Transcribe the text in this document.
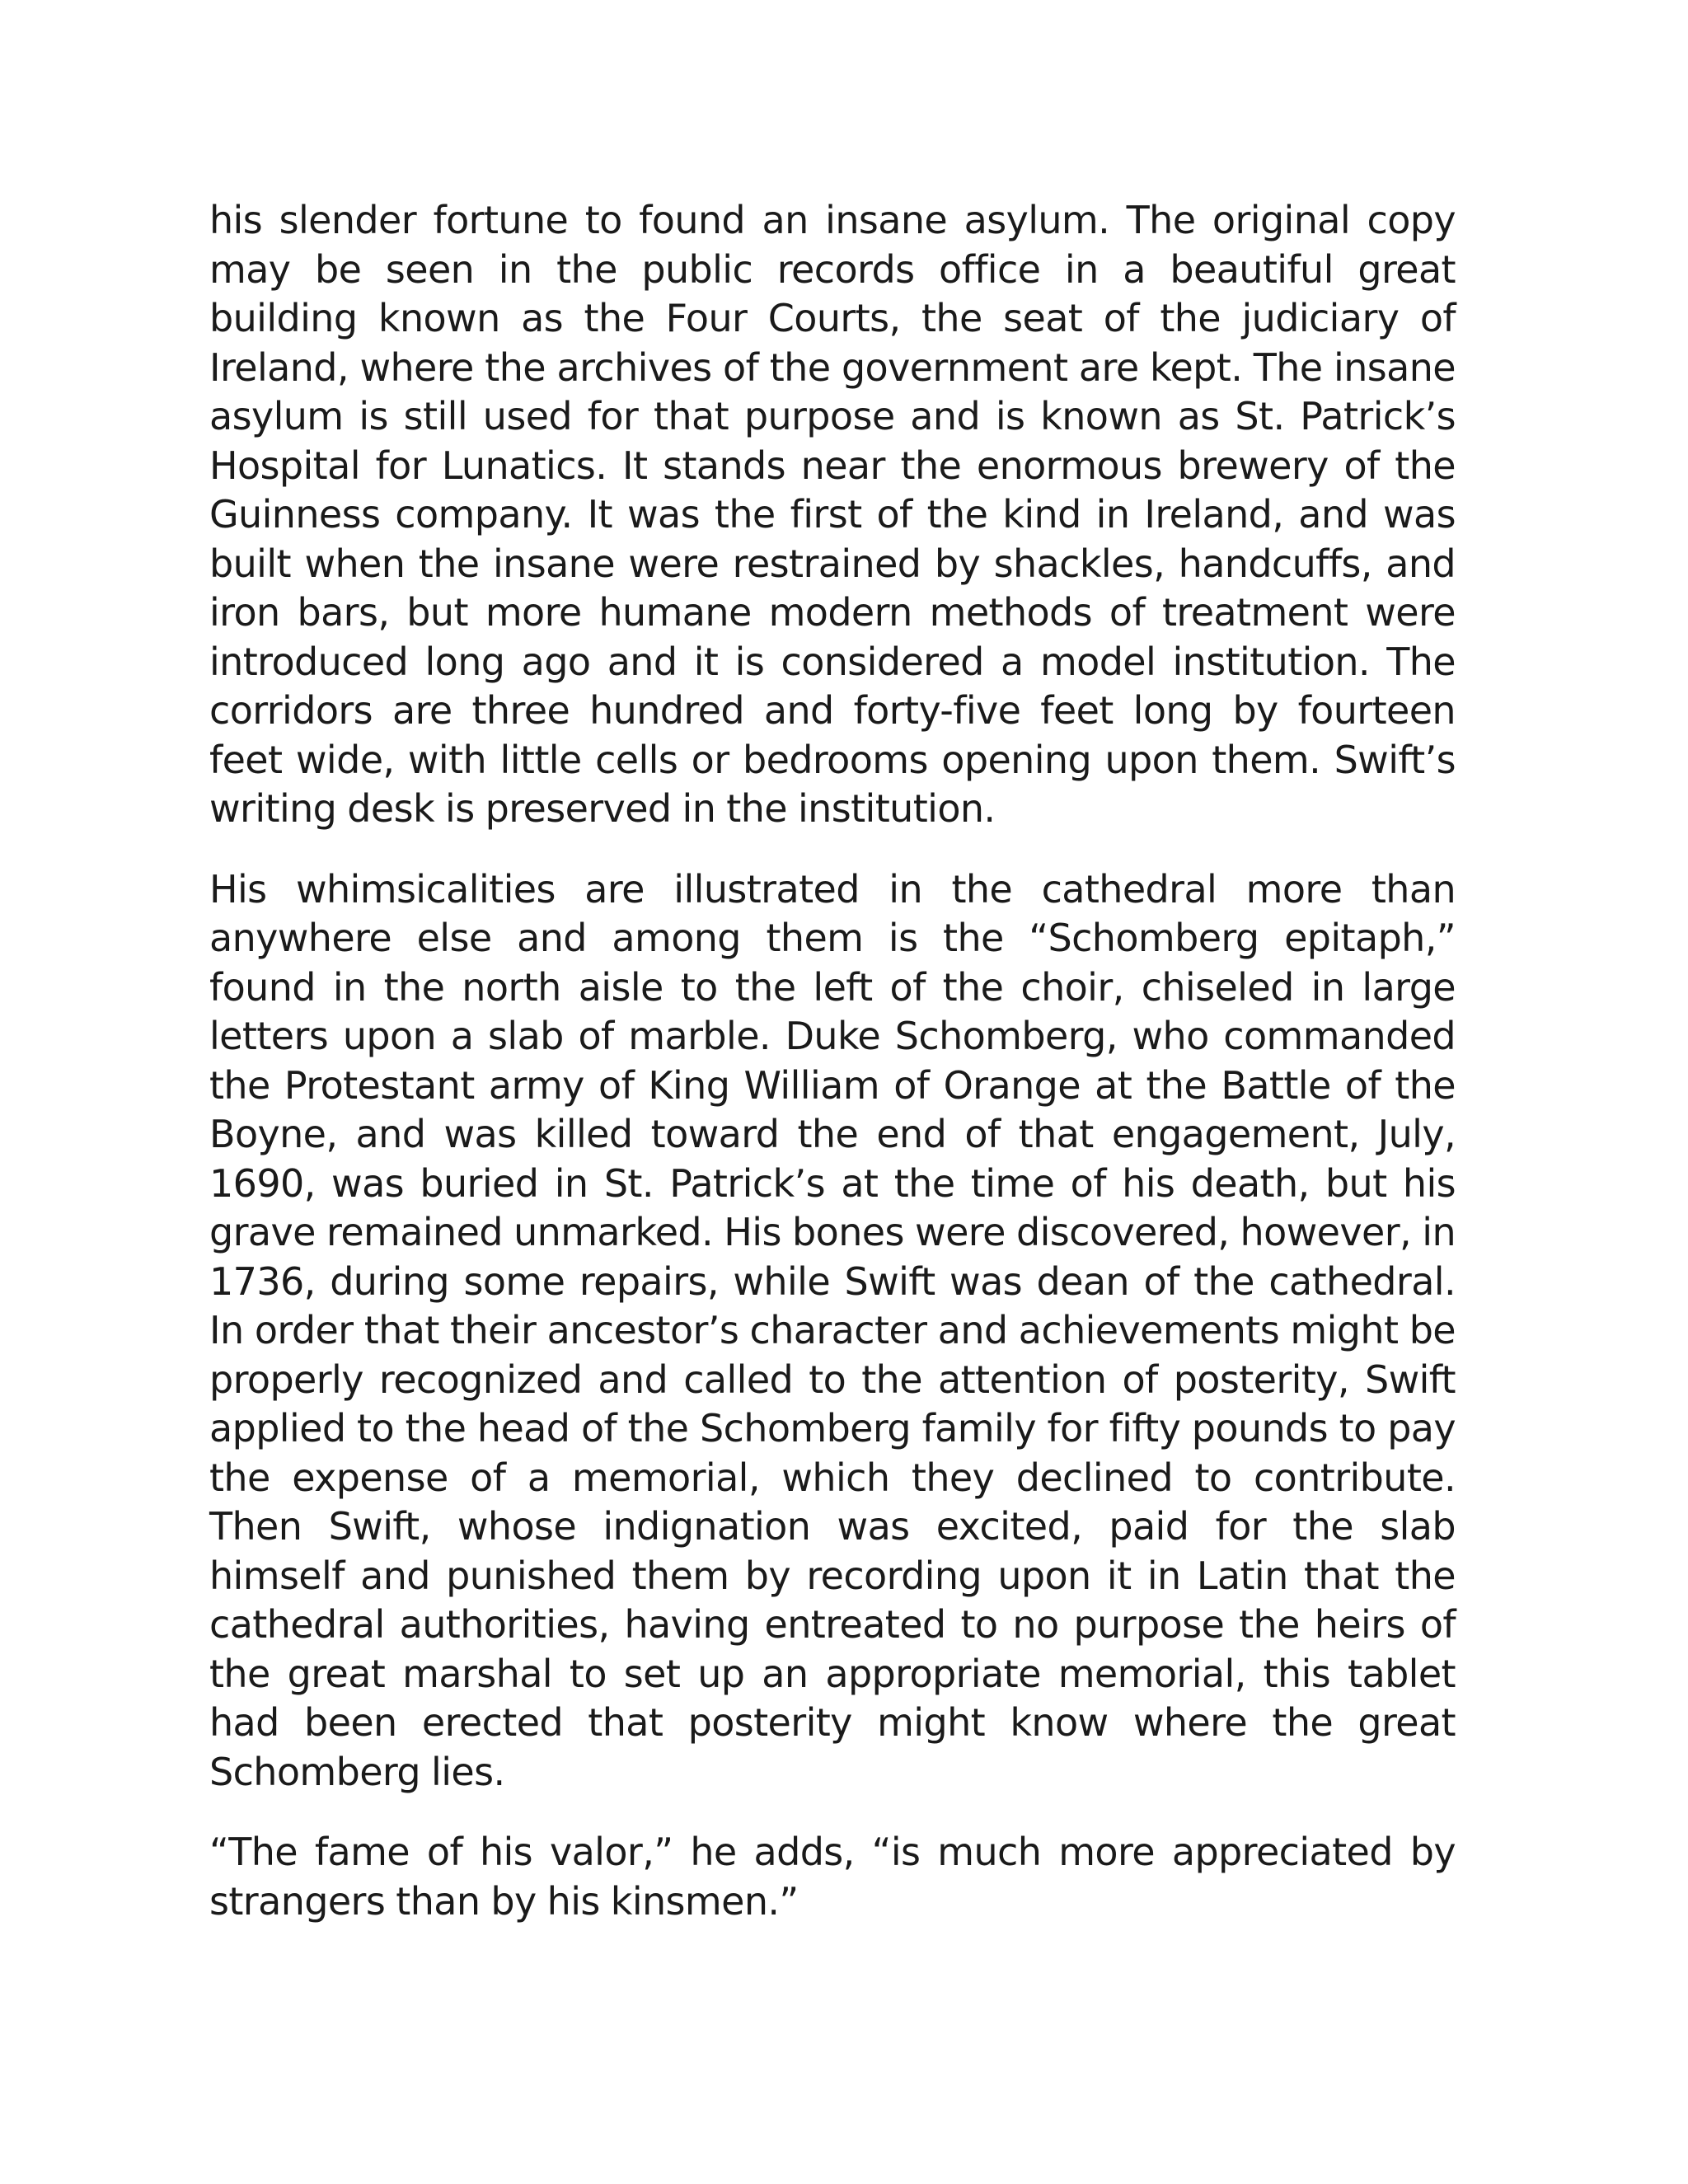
his slender fortune to found an insane asylum. The original copy may be seen in the public records office in a beautiful great building known as the Four Courts, the seat of the judiciary of Ireland, where the archives of the government are kept. The insane asylum is still used for that purpose and is known as St. Patrick’s Hospital for Lunatics. It stands near the enormous brewery of the Guinness company. It was the first of the kind in Ireland, and was built when the insane were restrained by shackles, handcuffs, and iron bars, but more humane modern methods of treatment were introduced long ago and it is considered a model institution. The corridors are three hundred and forty-five feet long by fourteen feet wide, with little cells or bedrooms opening upon them. Swift’s writing desk is preserved in the institution.

His whimsicalities are illustrated in the cathedral more than anywhere else and among them is the “Schomberg epitaph,” found in the north aisle to the left of the choir, chiseled in large letters upon a slab of marble. Duke Schomberg, who commanded the Protestant army of King William of Orange at the Battle of the Boyne, and was killed toward the end of that engagement, July, 1690, was buried in St. Patrick’s at the time of his death, but his grave remained unmarked. His bones were discovered, however, in 1736, during some repairs, while Swift was dean of the cathedral. In order that their ancestor’s character and achievements might be properly recognized and called to the attention of posterity, Swift applied to the head of the Schomberg family for fifty pounds to pay the expense of a memorial, which they declined to contribute. Then Swift, whose indignation was excited, paid for the slab himself and punished them by recording upon it in Latin that the cathedral authorities, having entreated to no purpose the heirs of the great marshal to set up an appropriate memorial, this tablet had been erected that posterity might know where the great Schomberg lies.

“The fame of his valor,” he adds, “is much more appreciated by strangers than by his kinsmen.”
